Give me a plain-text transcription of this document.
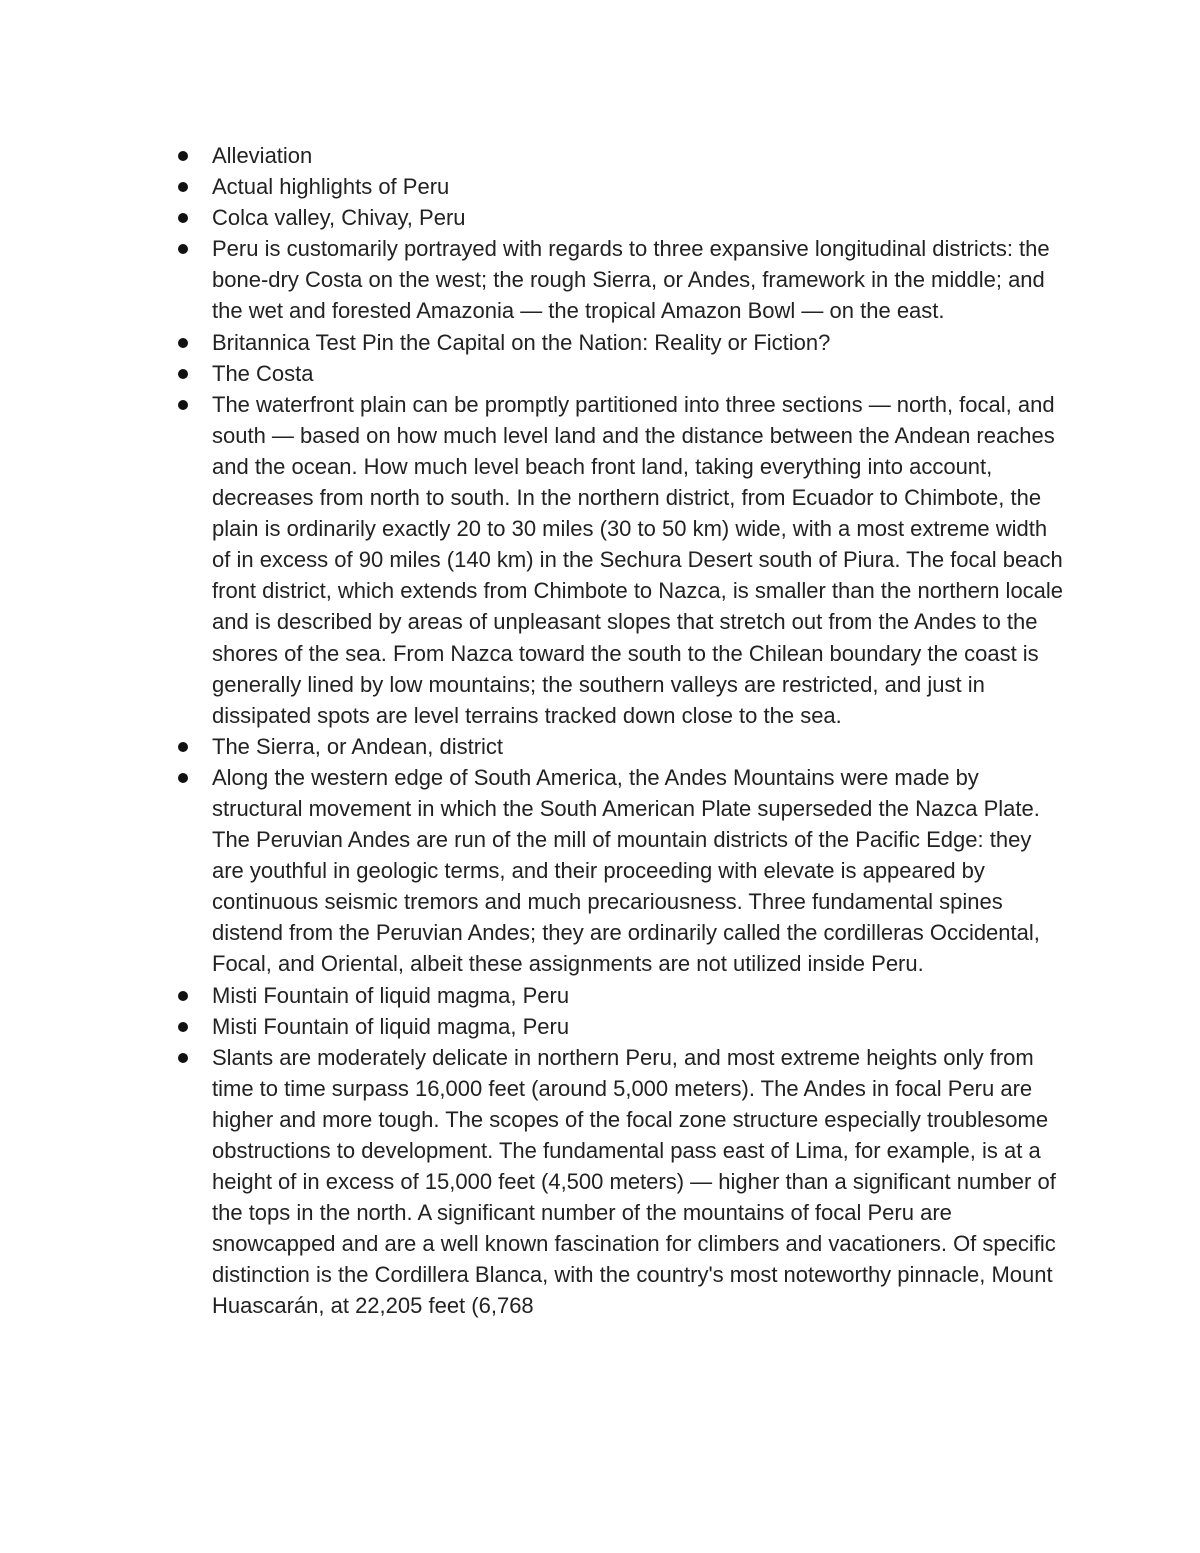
Alleviation
Actual highlights of Peru
Colca valley, Chivay, Peru
Peru is customarily portrayed with regards to three expansive longitudinal districts: the bone-dry Costa on the west; the rough Sierra, or Andes, framework in the middle; and the wet and forested Amazonia — the tropical Amazon Bowl — on the east.
Britannica Test Pin the Capital on the Nation: Reality or Fiction?
The Costa
The waterfront plain can be promptly partitioned into three sections — north, focal, and south — based on how much level land and the distance between the Andean reaches and the ocean. How much level beach front land, taking everything into account, decreases from north to south. In the northern district, from Ecuador to Chimbote, the plain is ordinarily exactly 20 to 30 miles (30 to 50 km) wide, with a most extreme width of in excess of 90 miles (140 km) in the Sechura Desert south of Piura. The focal beach front district, which extends from Chimbote to Nazca, is smaller than the northern locale and is described by areas of unpleasant slopes that stretch out from the Andes to the shores of the sea. From Nazca toward the south to the Chilean boundary the coast is generally lined by low mountains; the southern valleys are restricted, and just in dissipated spots are level terrains tracked down close to the sea.
The Sierra, or Andean, district
Along the western edge of South America, the Andes Mountains were made by structural movement in which the South American Plate superseded the Nazca Plate. The Peruvian Andes are run of the mill of mountain districts of the Pacific Edge: they are youthful in geologic terms, and their proceeding with elevate is appeared by continuous seismic tremors and much precariousness. Three fundamental spines distend from the Peruvian Andes; they are ordinarily called the cordilleras Occidental, Focal, and Oriental, albeit these assignments are not utilized inside Peru.
Misti Fountain of liquid magma, Peru
Misti Fountain of liquid magma, Peru
Slants are moderately delicate in northern Peru, and most extreme heights only from time to time surpass 16,000 feet (around 5,000 meters). The Andes in focal Peru are higher and more tough. The scopes of the focal zone structure especially troublesome obstructions to development. The fundamental pass east of Lima, for example, is at a height of in excess of 15,000 feet (4,500 meters) — higher than a significant number of the tops in the north. A significant number of the mountains of focal Peru are snowcapped and are a well known fascination for climbers and vacationers. Of specific distinction is the Cordillera Blanca, with the country's most noteworthy pinnacle, Mount Huascarán, at 22,205 feet (6,768
